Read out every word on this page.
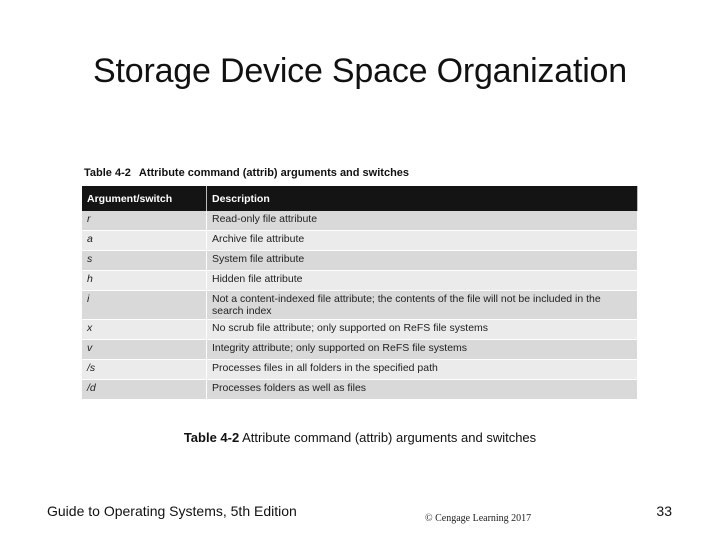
Storage Device Space Organization
Table 4-2 Attribute command (attrib) arguments and switches
Argument/switch	Description
r	Read-only file attribute
a	Archive file attribute
s	System file attribute
h	Hidden file attribute
i	Not a content-indexed file attribute; the contents of the file will not be included in the search index
x	No scrub file attribute; only supported on ReFS file systems
v	Integrity attribute; only supported on ReFS file systems
/s	Processes files in all folders in the specified path
/d	Processes folders as well as files
Table 4-2 Attribute command (attrib) arguments and switches
Guide to Operating Systems, 5th Edition	© Cengage Learning 2017	33
